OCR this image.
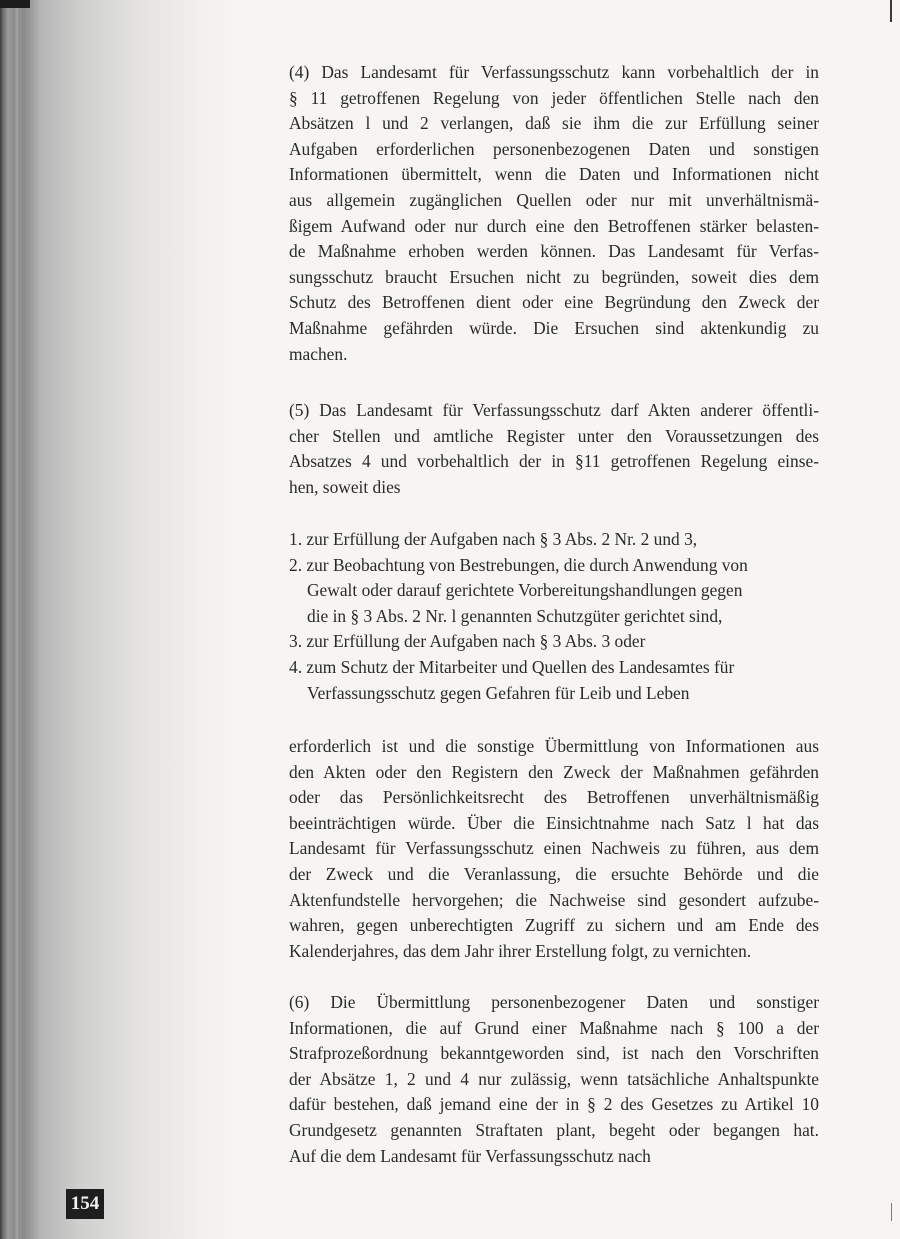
(4) Das Landesamt für Verfassungsschutz kann vorbehaltlich der in
§ 11 getroffenen Regelung von jeder öffentlichen Stelle nach den
Absätzen l und 2 verlangen, daß sie ihm die zur Erfüllung seiner
Aufgaben erforderlichen personenbezogenen Daten und sonstigen
Informationen übermittelt, wenn die Daten und Informationen nicht
aus allgemein zugänglichen Quellen oder nur mit unverhältnismä-
ßigem Aufwand oder nur durch eine den Betroffenen stärker belasten-
de Maßnahme erhoben werden können. Das Landesamt für Verfas-
sungsschutz braucht Ersuchen nicht zu begründen, soweit dies dem
Schutz des Betroffenen dient oder eine Begründung den Zweck der
Maßnahme gefährden würde. Die Ersuchen sind aktenkundig zu
machen.
(5) Das Landesamt für Verfassungsschutz darf Akten anderer öffentli-
cher Stellen und amtliche Register unter den Voraussetzungen des
Absatzes 4 und vorbehaltlich der in §11 getroffenen Regelung einse-
hen, soweit dies
1. zur Erfüllung der Aufgaben nach § 3 Abs. 2 Nr. 2 und 3,
2. zur Beobachtung von Bestrebungen, die durch Anwendung von
Gewalt oder darauf gerichtete Vorbereitungshandlungen gegen
die in § 3 Abs. 2 Nr. l genannten Schutzgüter gerichtet sind,
3. zur Erfüllung der Aufgaben nach § 3 Abs. 3 oder
4. zum Schutz der Mitarbeiter und Quellen des Landesamtes für
Verfassungsschutz gegen Gefahren für Leib und Leben
erforderlich ist und die sonstige Übermittlung von Informationen aus
den Akten oder den Registern den Zweck der Maßnahmen gefährden
oder das Persönlichkeitsrecht des Betroffenen unverhältnismäßig
beeinträchtigen würde. Über die Einsichtnahme nach Satz l hat das
Landesamt für Verfassungsschutz einen Nachweis zu führen, aus dem
der Zweck und die Veranlassung, die ersuchte Behörde und die
Aktenfundstelle hervorgehen; die Nachweise sind gesondert aufzube-
wahren, gegen unberechtigten Zugriff zu sichern und am Ende des
Kalenderjahres, das dem Jahr ihrer Erstellung folgt, zu vernichten.
(6) Die Übermittlung personenbezogener Daten und sonstiger
Informationen, die auf Grund einer Maßnahme nach § 100 a der
Strafprozeßordnung bekanntgeworden sind, ist nach den Vorschriften
der Absätze 1, 2 und 4 nur zulässig, wenn tatsächliche Anhaltspunkte
dafür bestehen, daß jemand eine der in § 2 des Gesetzes zu Artikel 10
Grundgesetz genannten Straftaten plant, begeht oder begangen hat.
Auf die dem Landesamt für Verfassungsschutz nach
154
